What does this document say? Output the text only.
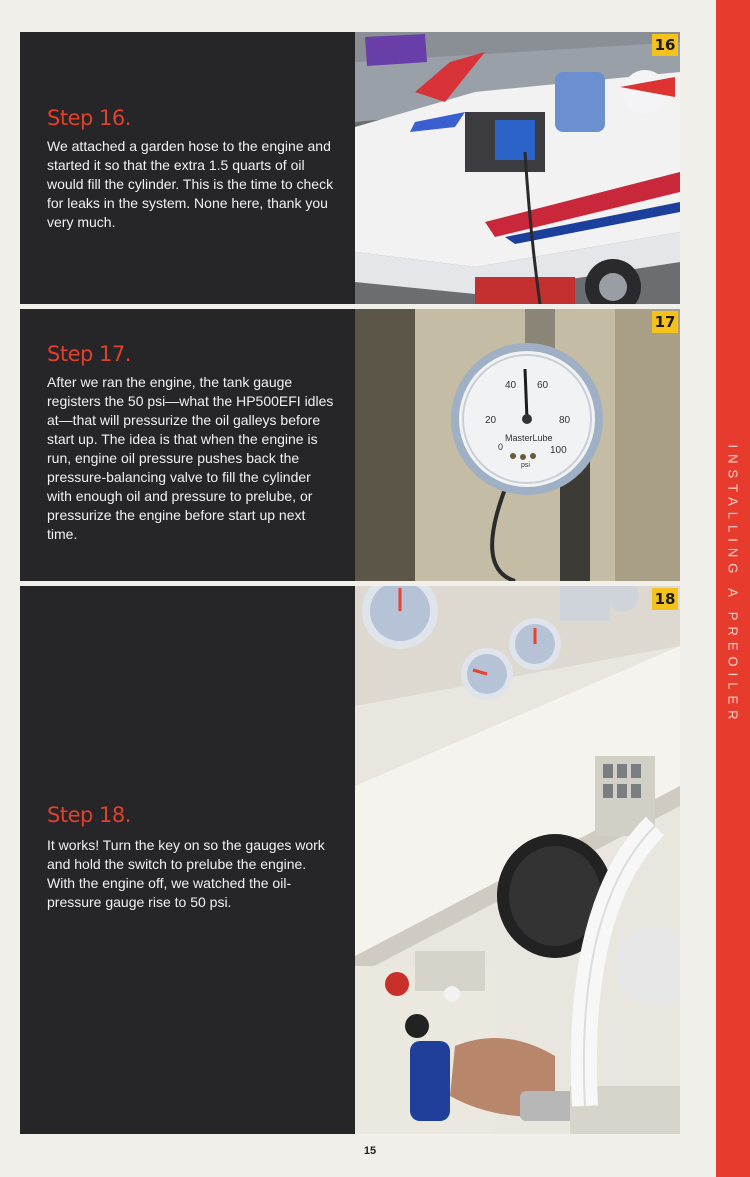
INSTALLING A PREOILER
Step 16.

We attached a garden hose to the engine and started it so that the extra 1.5 quarts of oil would fill the cylinder. This is the time to check for leaks in the system. None here, thank you very much.

16
Step 17.

After we ran the engine, the tank gauge registers the 50 psi—what the HP500EFI idles at—that will pressurize the oil galleys before start up. The idea is that when the engine is run, engine oil pressure pushes back the pressure-balancing valve to fill the cylinder with enough oil and pressure to prelube, or pressurize the engine before start up next time.

20
40 60
80
100
0
MasterLube
psi
17
Step 18.

It works! Turn the key on so the gauges work and hold the switch to prelube the engine. With the engine off, we watched the oil-pressure gauge rise to 50 psi.

18
15
